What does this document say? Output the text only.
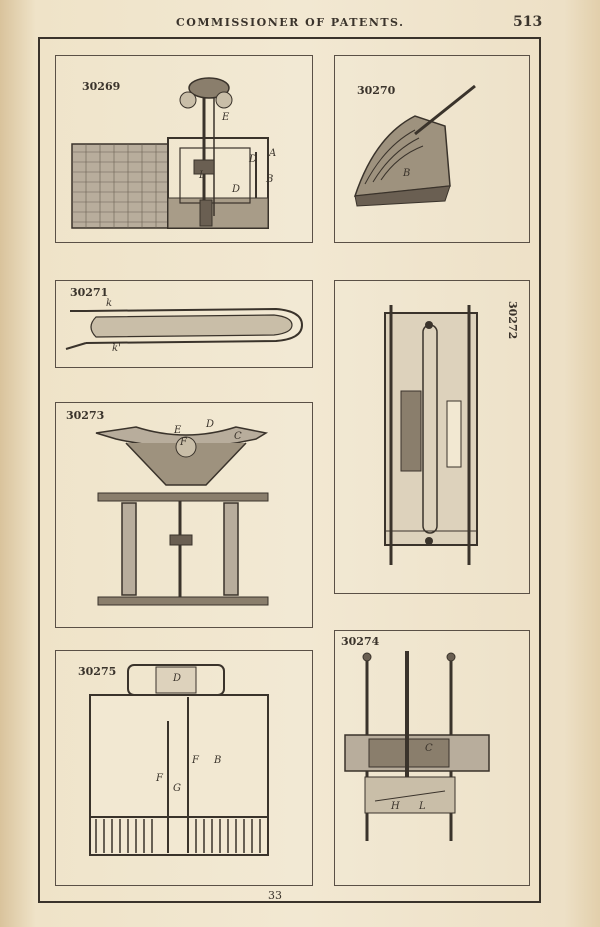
COMMISSIONER OF PATENTS.	513
30269
E
D
A
B
D
L
30270
B
30271
k
k'
30272
30273
D
C
E
F
30274
C
H L
30275
D
F
G
F B
33
